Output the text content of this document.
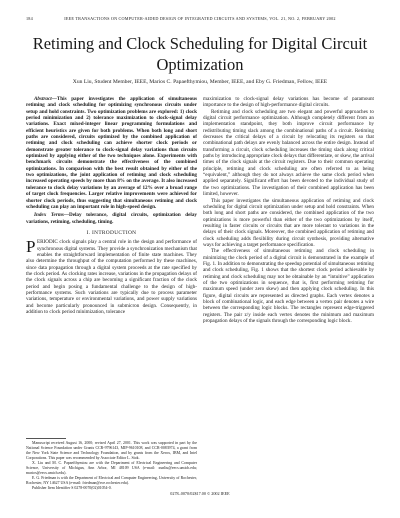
184	IEEE TRANSACTIONS ON COMPUTER-AIDED DESIGN OF INTEGRATED CIRCUITS AND SYSTEMS, VOL. 21, NO. 2, FEBRUARY 2002
Retiming and Clock Scheduling for Digital Circuit Optimization
Xun Liu, Student Member, IEEE, Marios C. Papaefthymiou, Member, IEEE, and Eby G. Friedman, Fellow, IEEE

Abstract—This paper investigates the application of simultaneous retiming and clock scheduling for optimizing synchronous circuits under setup and hold constraints. Two optimization problems are explored: 1) clock period minimization and 2) tolerance maximization to clock-signal delay variations. Exact mixed-integer linear programming formulations and efficient heuristics are given for both problems. When both long and short paths are considered, circuits optimized by the combined application of retiming and clock scheduling can achieve shorter clock periods or demonstrate greater tolerance to clock-signal delay variations than circuits optimized by applying either of the two techniques alone. Experiments with benchmark circuits demonstrate the effectiveness of the combined optimizations. In comparison with the best result obtained by either of the two optimizations, the joint application of retiming and clock scheduling increased operating speeds by more than 8% on the average. It also increased tolerance to clock delay variations by an average of 12% over a broad range of target clock frequencies. Larger relative improvements were achieved for shorter clock periods, thus suggesting that simultaneous retiming and clock scheduling can play an important role in high-speed design.

Index Terms—Delay tolerance, digital circuits, optimization delay variations, retiming, scheduling, timing.

I. INTRODUCTION

PERIODIC clock signals play a central role in the design and performance of synchronous digital systems. They provide a synchronization mechanism that enables the straightforward implementation of finite state machines. They also determine the throughput of the computation performed by these machines, since data propagation through a digital system proceeds at the rate specified by the clock period. As clocking rates increase, variations in the propagation delays of the clock signals across a chip are becoming a significant fraction of the clock period and begin posing a fundamental challenge to the design of high-performance systems. Such variations are typically due to process parameter variations, temperature or environmental variations, and power supply variations and become particularly pronounced in submicron design. Consequently, in addition to clock period minimization, tolerance

Manuscript received August 16, 2000; revised April 27, 2001. This work was supported in part by the National Science Foundation under Grants CCR-9796143, MIP-9610108, and CCR-0083974, a grant from the New York State Science and Technology Foundation, and by grants from the Xerox, IBM, and Intel Corporations. This paper was recommended by Associate Editor L. Stok.

X. Liu and M. C. Papaefthymiou are with the Department of Electrical Engineering and Computer Science, University of Michigan, Ann Arbor, MI 48109 USA (e-mail: xunliu@eecs.umich.edu; marios@eecs.umich.edu).

E. G. Friedman is with the Department of Electrical and Computer Engineering, University of Rochester, Rochester, NY 14627 USA (e-mail: friedman@ece.rochester.edu).

Publisher Item Identifier S 0278-0070(02)01054-0.

maximization to clock-signal delay variations has become of paramount importance to the design of high-performance digital circuits.

Retiming and clock scheduling are two elegant and powerful approaches to digital circuit performance optimization. Although completely different from an implementation standpoint, they both improve circuit performance by redistributing timing slack among the combinational paths of a circuit. Retiming decreases the critical delays of a circuit by relocating its registers so that combinational path delays are evenly balanced across the entire design. Instead of transforming a circuit, clock scheduling increases the timing slack along critical paths by introducing appropriate clock delays that differentiate, or skew, the arrival times of the clock signals at the circuit registers. Due to their common operating principle, retiming and clock scheduling are often referred to as being “equivalent,” although they do not always achieve the same clock period when applied separately. Significant effort has been devoted to the individual study of the two optimizations. The investigation of their combined application has been limited, however.

This paper investigates the simultaneous application of retiming and clock scheduling for digital circuit optimization under setup and hold constraints. When both long and short paths are considered, the combined application of the two optimizations is more powerful than either of the two optimizations by itself, resulting in faster circuits or circuits that are more tolerant to variations in the delays of their clock signals. Moreover, the combined application of retiming and clock scheduling adds flexibility during circuit synthesis, providing alternative ways for achieving a target performance specification.

The effectiveness of simultaneous retiming and clock scheduling in minimizing the clock period of a digital circuit is demonstrated in the example of Fig. 1. In addition to demonstrating the speedup potential of simultaneous retiming and clock scheduling, Fig. 1 shows that the shortest clock period achievable by retiming and clock scheduling may not be obtainable by an “intuitive” application of the two optimizations in sequence, that is, first performing retiming for maximum speed (under zero skew) and then applying clock scheduling. In this figure, digital circuits are represented as directed graphs. Each vertex denotes a block of combinational logic, and each edge between a vertex pair denotes a wire between the corresponding logic blocks. The rectangles represent edge-triggered registers. The pair z/y inside each vertex denotes the minimum and maximum propagation delays of the signals through the corresponding logic block.

0278–0070/02$17.00 © 2002 IEEE
